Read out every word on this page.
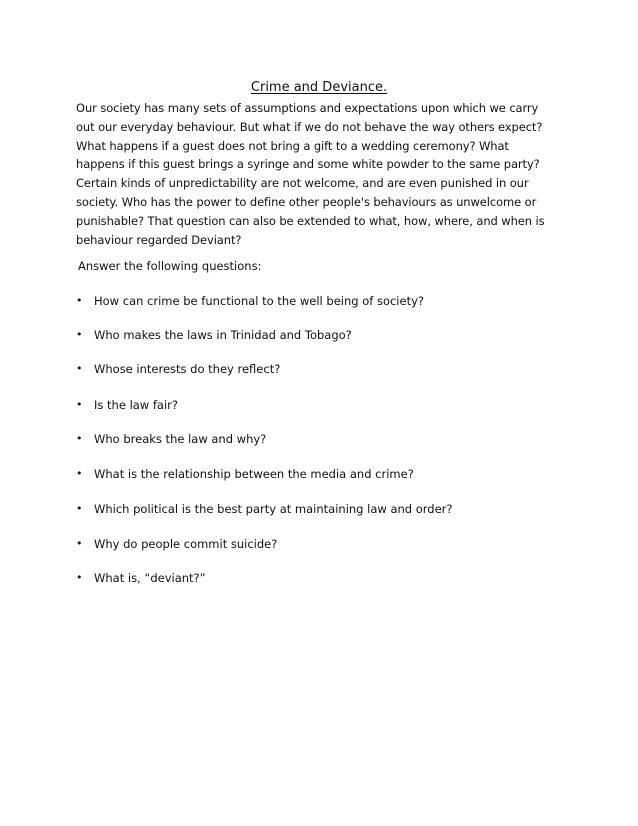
Crime and Deviance.
Our society has many sets of assumptions and expectations upon which we carry
out our everyday behaviour. But what if we do not behave the way others expect?
What happens if a guest does not bring a gift to a wedding ceremony? What
happens if this guest brings a syringe and some white powder to the same party?
Certain kinds of unpredictability are not welcome, and are even punished in our
society. Who has the power to define other people's behaviours as unwelcome or
punishable? That question can also be extended to what, how, where, and when is
behaviour regarded Deviant?

Answer the following questions:

• How can crime be functional to the well being of society?
• Who makes the laws in Trinidad and Tobago?
• Whose interests do they reflect?
• Is the law fair?
• Who breaks the law and why?
• What is the relationship between the media and crime?
• Which political is the best party at maintaining law and order?
• Why do people commit suicide?
• What is, “deviant?”
